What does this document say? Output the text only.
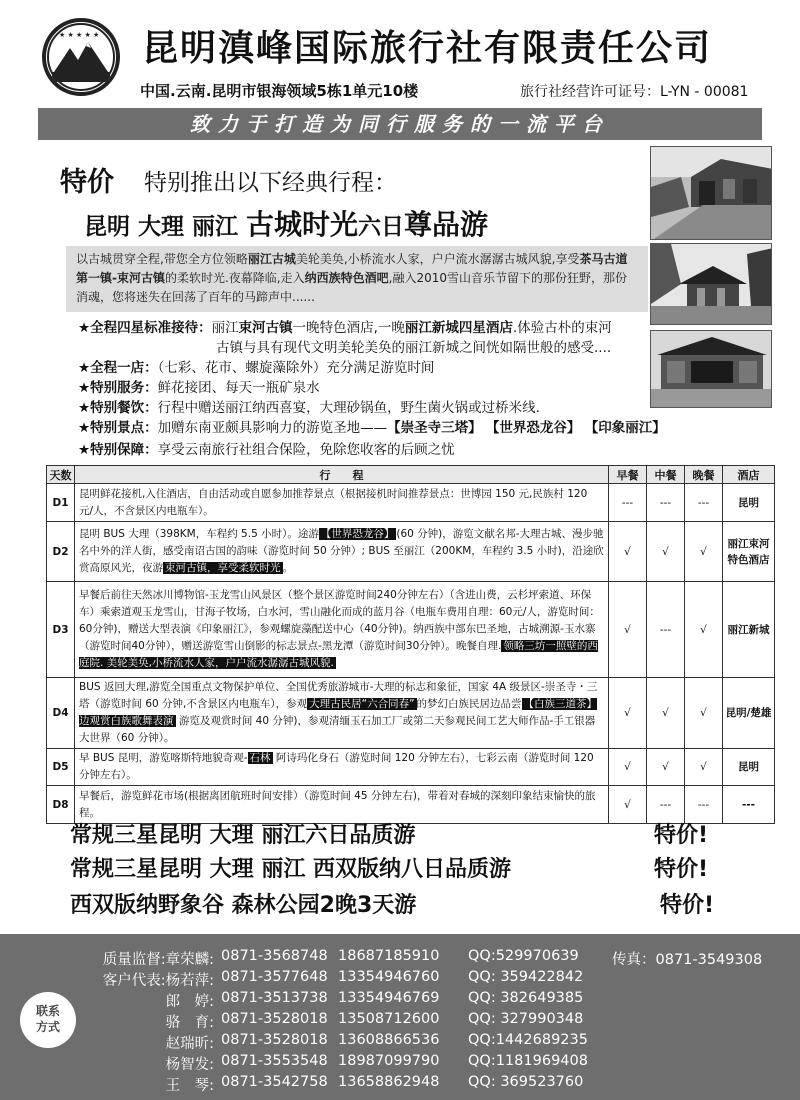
★ ★ ★ ★ ★ 昆明滇峰国际旅行社有限责任公司
中国.云南.昆明市银海领域5栋1单元10楼	旅行社经营许可证号：L-YN - 00081
致力于打造为同行服务的一流平台
特价 特别推出以下经典行程：
昆明 大理 丽江 古城时光六日尊品游
以古城贯穿全程,带您全方位领略丽江古城美轮美奂,小桥流水人家，户户流水潺潺古城风貌,享受茶马古道第一镇-束河古镇的柔软时光.夜幕降临,走入纳西族特色酒吧,融入2010雪山音乐节留下的那份狂野，那份消魂，您将迷失在回荡了百年的马蹄声中......
★全程四星标准接待：丽江束河古镇一晚特色酒店,一晚丽江新城四星酒店.体验古朴的束河
古镇与具有现代文明美轮美奂的丽江新城之间恍如隔世般的感受....
★全程一店：（七彩、花市、螺旋藻除外）充分满足游览时间
★特别服务：鲜花接团、每天一瓶矿泉水
★特别餐饮：行程中赠送丽江纳西喜宴，大理砂锅鱼，野生菌火锅或过桥米线.
★特别景点：加赠东南亚颇具影响力的游览圣地——【崇圣寺三塔】 【世界恐龙谷】 【印象丽江】
★特别保障：享受云南旅行社组合保险，免除您收客的后顾之忧
天数	行　　程	早餐	中餐	晚餐	酒店
D1	昆明鲜花接机,入住酒店，自由活动或自愿参加推荐景点（根据接机时间推荐景点：世博园 150 元,民族村 120 元/人，不含景区内电瓶车）。	---	---	---	昆明
D2	昆明 BUS 大理（398KM，车程约 5.5 小时）。途游 【世界恐龙谷】 (60 分钟)，游览文献名邦-大理古城、漫步驰名中外的洋人街，感受南诏古国的韵味（游览时间 50 分钟）; BUS 至丽江（200KM，车程约 3.5 小时)，沿途欣赏高原风光，夜游 束河古镇，享受柔软时光 。	√	√	√	丽江束河特色酒店
D3	早餐后前往天然冰川博物馆-玉龙雪山风景区（整个景区游览时间240分钟左右）（含进山费，云杉坪索道、环保车）乘索道观玉龙雪山，甘海子牧场，白水河，雪山融化而成的蓝月谷（电瓶车费用自理：60元/人，游览时间：60分钟)，赠送大型表演《印象丽江》，参观螺旋藻配送中心（40分钟)。纳西族中部东巴圣地，古城溯源-玉水寨（游览时间40分钟），赠送游览雪山倒影的标志景点-黑龙潭（游览时间30分钟）。晚餐自理. 领略三坊一照壁的西庭院. 美轮美奂,小桥流水人家，户户流水潺潺古城风貌.	√	---	√	丽江新城
D4	BUS 返回大理,游览全国重点文物保护单位、全国优秀旅游城市-大理的标志和象征，国家 4A 级景区-崇圣寺・三塔（游览时间 60 分钟,不含景区内电瓶车），参观 大理古民居“六合同春” 的梦幻白族民居边品尝 【白族三道茶】边观赏白族歌舞表演 游览及观赏时间 40 分钟)，参观清缅玉石加工厂或第二天参观民间工艺大师作品-手工银器大世界（60 分钟）。	√	√	√	昆明/楚雄
D5	早 BUS 昆明，游览喀斯特地貌奇观- 石林 阿诗玛化身石（游览时间 120 分钟左右），七彩云南（游览时间 120 分钟左右）。	√	√	√	昆明
D8	早餐后，游览鲜花市场(根据离团航班时间安排）（游览时间 45 分钟左右)，带着对春城的深刻印象结束愉快的旅程。	√	---	---	---
常规三星昆明 大理 丽江六日品质游	特价!
常规三星昆明 大理 丽江 西双版纳八日品质游	特价!
西双版纳野象谷 森林公园2晚3天游	特价!
联系
方式
质量监督:章荣麟: 0871-3568748 18687185910 QQ:529970639 传真：0871-3549308
客户代表:杨若萍: 0871-3577648 13354946760 QQ: 359422842
郎　婷: 0871-3513738 13354946769 QQ: 382649385
骆　育: 0871-3528018 13508712600 QQ: 327990348
赵瑞昕: 0871-3528018 13608866536 QQ:1442689235
杨智发: 0871-3553548 18987099790 QQ:1181969408
王　琴: 0871-3542758 13658862948 QQ: 369523760
